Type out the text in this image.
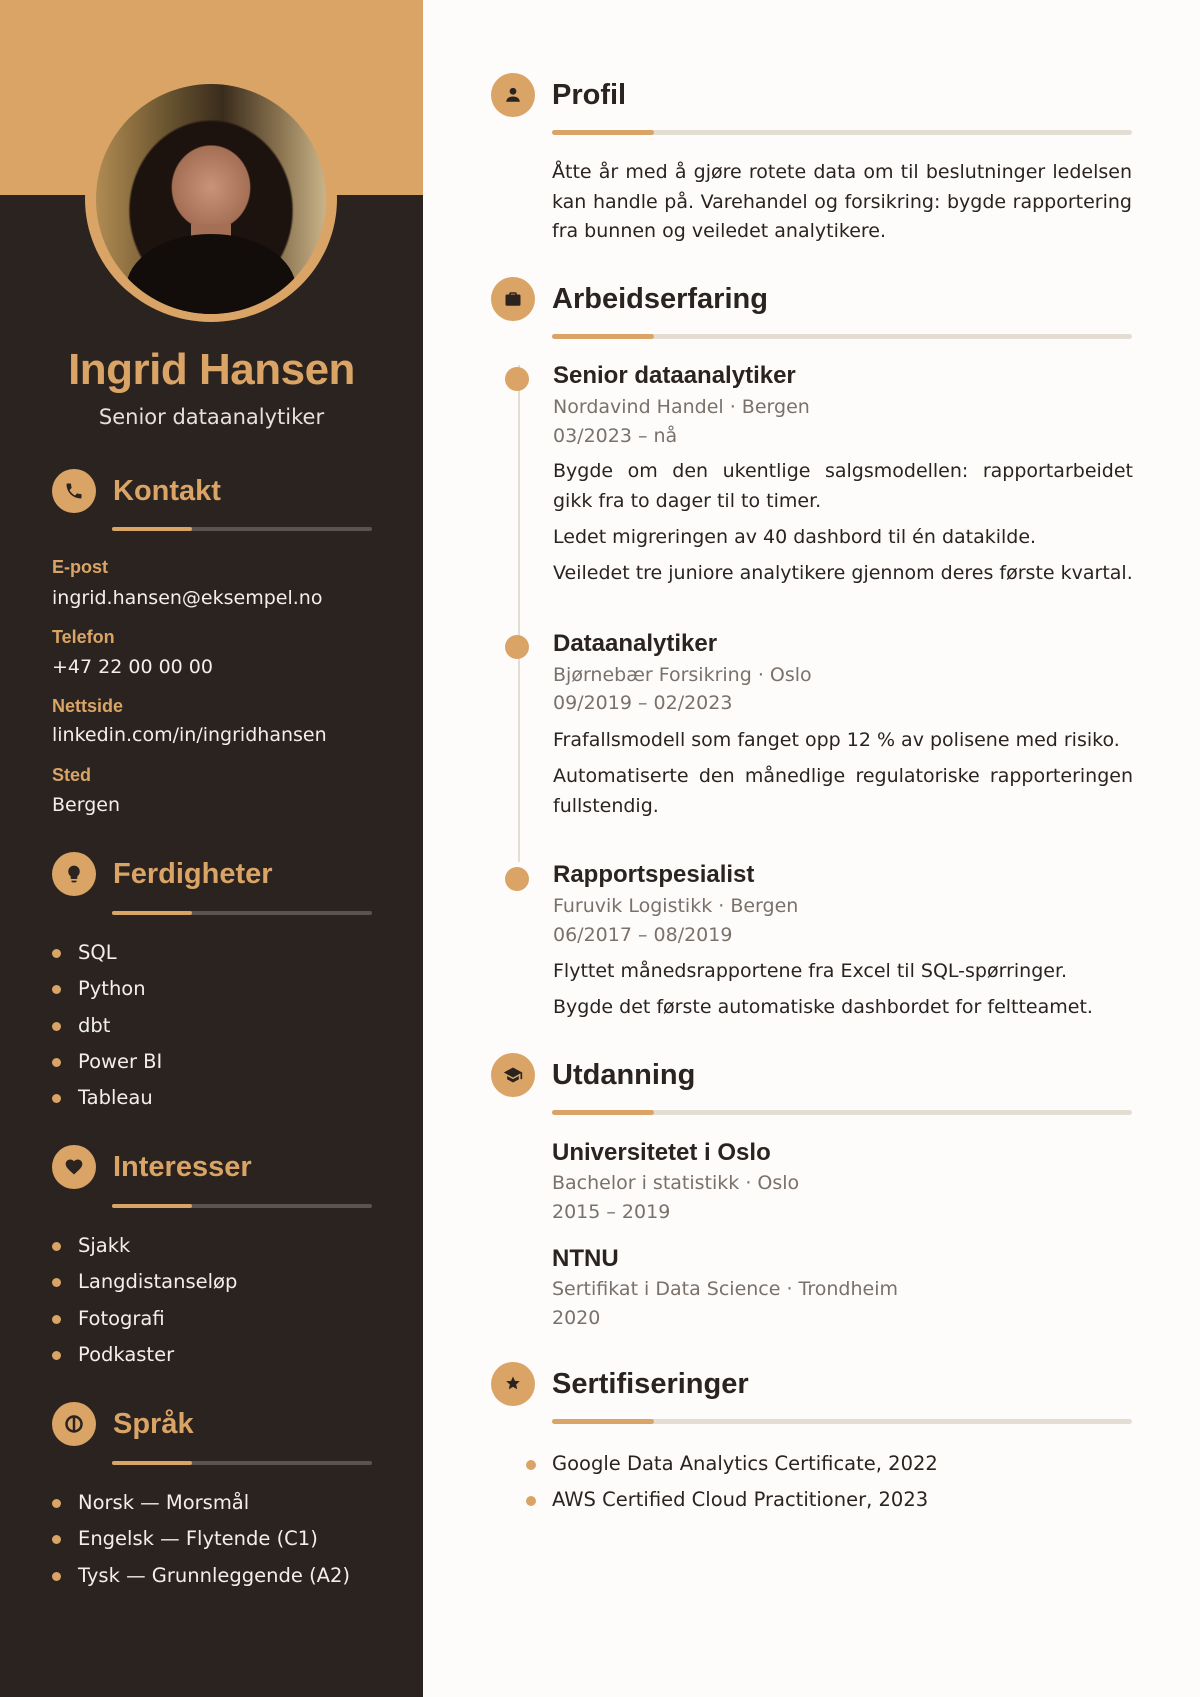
Ingrid Hansen
Senior dataanalytiker
Kontakt
E-post
ingrid.hansen@eksempel.no
Telefon
+47 22 00 00 00
Nettside
linkedin.com/in/ingridhansen
Sted
Bergen
Ferdigheter
SQL
Python
dbt
Power BI
Tableau
Interesser
Sjakk
Langdistanseløp
Fotografi
Podkaster
Språk
Norsk — Morsmål
Engelsk — Flytende (C1)
Tysk — Grunnleggende (A2)
Profil

Åtte år med å gjøre rotete data om til beslutninger ledelsen kan handle på. Varehandel og forsikring: bygde rapportering fra bunnen og veiledet analytikere.

Arbeidserfaring
Senior dataanalytiker
Nordavind Handel · Bergen
03/2023 – nå
Bygde om den ukentlige salgsmodellen: rapportarbeidet gikk fra to dager til to timer.
Ledet migreringen av 40 dashbord til én datakilde.
Veiledet tre juniore analytikere gjennom deres første kvartal.
Dataanalytiker
Bjørnebær Forsikring · Oslo
09/2019 – 02/2023
Frafallsmodell som fanget opp 12 % av polisene med risiko.
Automatiserte den månedlige regulatoriske rapporteringen fullstendig.
Rapportspesialist
Furuvik Logistikk · Bergen
06/2017 – 08/2019
Flyttet månedsrapportene fra Excel til SQL-spørringer.
Bygde det første automatiske dashbordet for feltteamet.
Utdanning
Universitetet i Oslo
Bachelor i statistikk · Oslo
2015 – 2019
NTNU
Sertifikat i Data Science · Trondheim
2020
Sertifiseringer
Google Data Analytics Certificate, 2022
AWS Certified Cloud Practitioner, 2023
